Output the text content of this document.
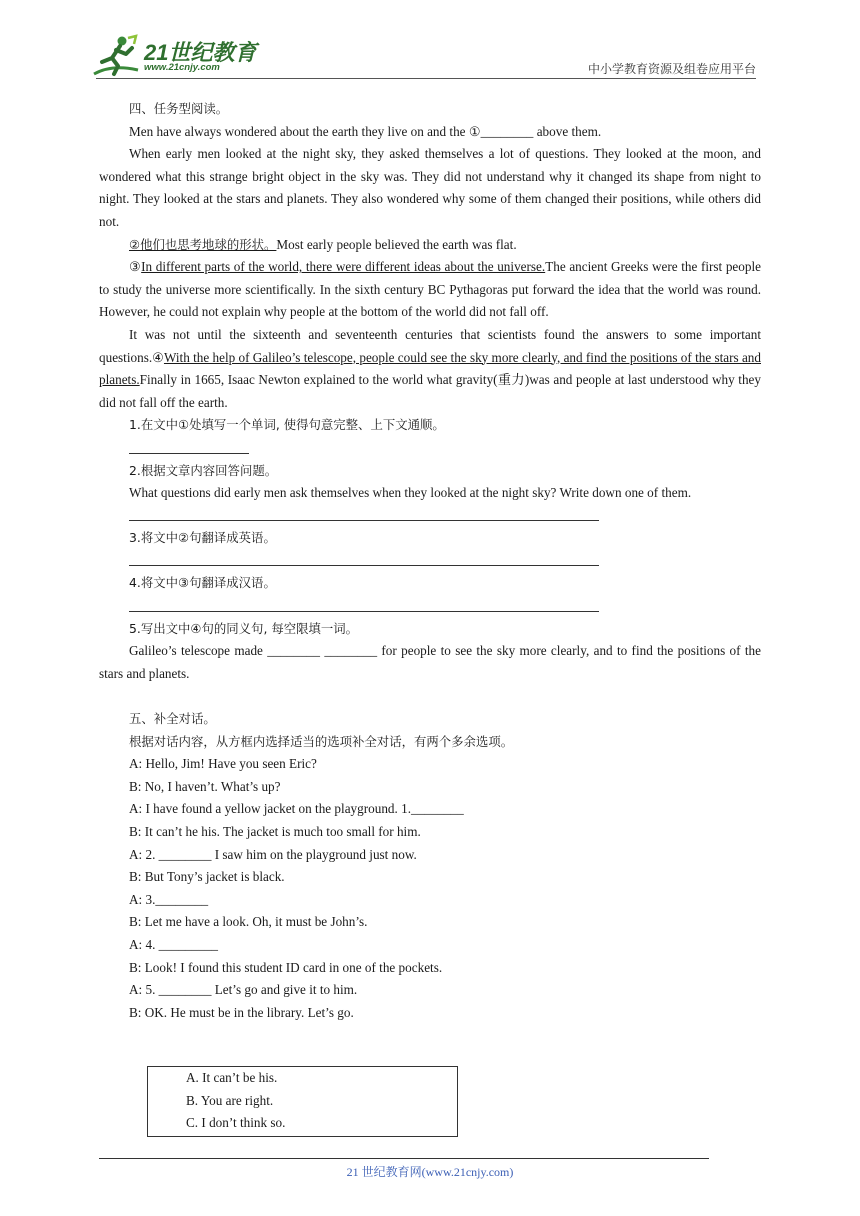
21世纪教育
www.21cnjy.com	中小学教育资源及组卷应用平台

四、任务型阅读。

Men have always wondered about the earth they live on and the ①________ above them.

When early men looked at the night sky, they asked themselves a lot of questions. They looked at the moon, and wondered what this strange bright object in the sky was. They did not understand why it changed its shape from night to night. They looked at the stars and planets. They also wondered why some of them changed their positions, while others did not.

②他们也思考地球的形状。Most early people believed the earth was flat.

③In different parts of the world, there were different ideas about the universe.The ancient Greeks were the first people to study the universe more scientifically. In the sixth century BC Pythagoras put forward the idea that the world was round. However, he could not explain why people at the bottom of the world did not fall off.

It was not until the sixteenth and seventeenth centuries that scientists found the answers to some important questions.④With the help of Galileo’s telescope, people could see the sky more clearly, and find the positions of the stars and planets.Finally in 1665, Isaac Newton explained to the world what gravity(重力)was and people at last understood why they did not fall off the earth.

1.在文中①处填写一个单词, 使得句意完整、上下文通顺。

2.根据文章内容回答问题。

What questions did early men ask themselves when they looked at the night sky? Write down one of them.

3.将文中②句翻译成英语。

4.将文中③句翻译成汉语。

5.写出文中④句的同义句, 每空限填一词。

Galileo’s telescope made ________ ________ for people to see the sky more clearly, and to find the positions of the stars and planets.

五、补全对话。

根据对话内容，从方框内选择适当的选项补全对话，有两个多余选项。

A: Hello, Jim! Have you seen Eric?

B: No, I haven’t. What’s up?

A: I have found a yellow jacket on the playground. 1.________

B: It can’t he his. The jacket is much too small for him.

A: 2. ________ I saw him on the playground just now.

B: But Tony’s jacket is black.

A: 3.________

B: Let me have a look. Oh, it must be John’s.

A: 4. _________

B: Look! I found this student ID card in one of the pockets.

A: 5. ________ Let’s go and give it to him.

B: OK. He must be in the library. Let’s go.

A. It can’t be his.
B. You are right.
C. I don’t think so.
21 世纪教育网(www.21cnjy.com)
